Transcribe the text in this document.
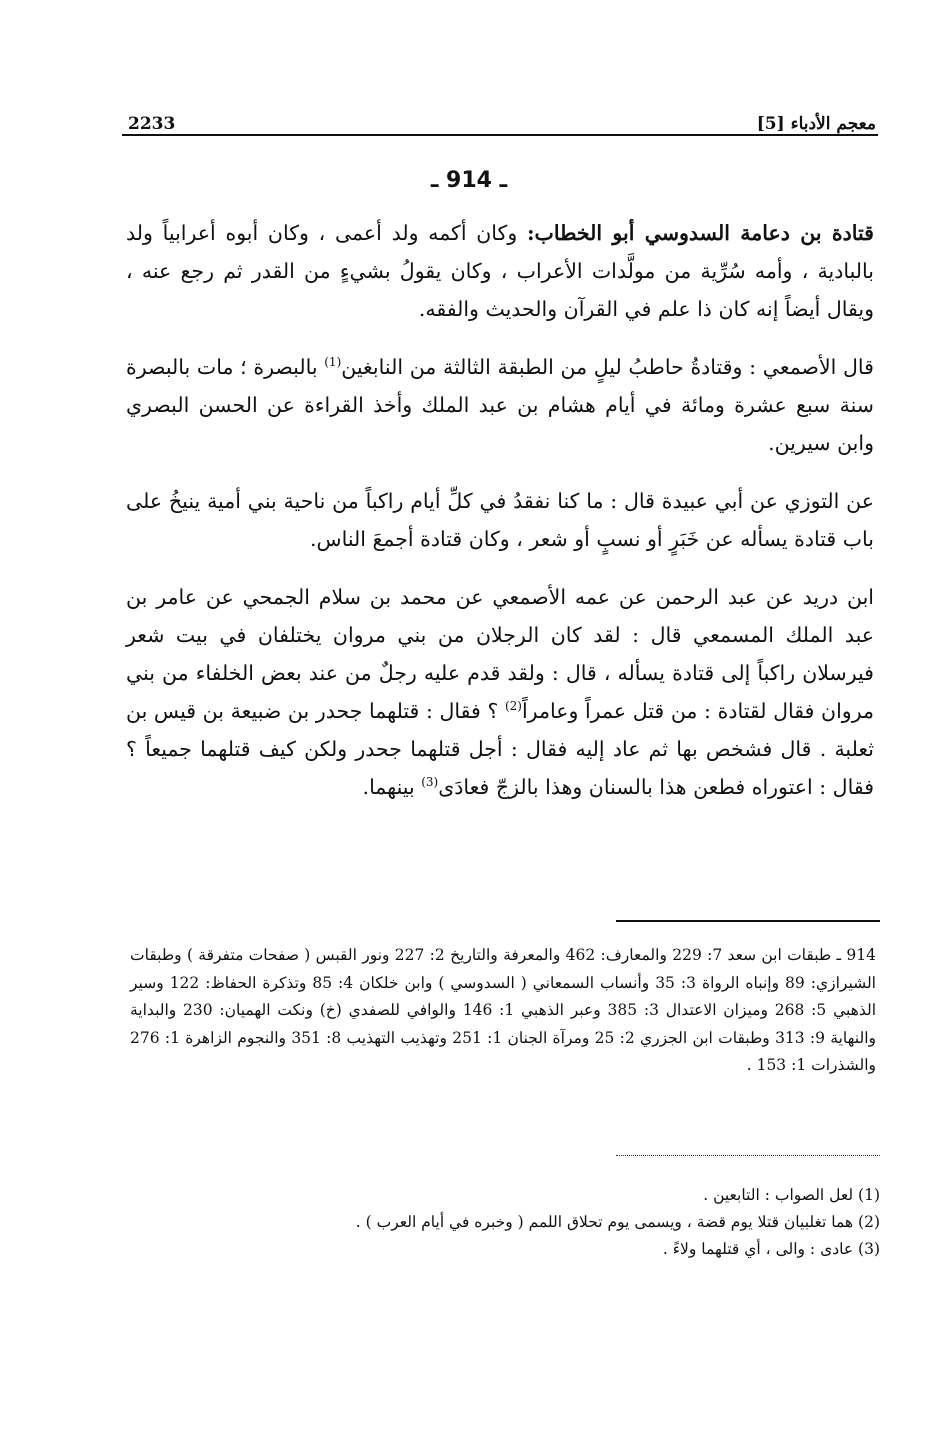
معجم الأدباء [5]
2233
ـ 914 ـ

قتادة بن دعامة السدوسي أبو الخطاب: وكان أكمه ولد أعمى ، وكان أبوه أعرابياً ولد بالبادية ، وأمه سُرِّية من مولَّدات الأعراب ، وكان يقولُ بشيءٍ من القدر ثم رجع عنه ، ويقال أيضاً إنه كان ذا علم في القرآن والحديث والفقه.

قال الأصمعي : وقتادةُ حاطبُ ليلٍ من الطبقة الثالثة من النابغين$^{(1)}$ بالبصرة ؛ مات بالبصرة سنة سبع عشرة ومائة في أيام هشام بن عبد الملك وأخذ القراءة عن الحسن البصري وابن سيرين.

عن التوزي عن أبي عبيدة قال : ما كنا نفقدُ في كلِّ أيام راكباً من ناحية بني أمية ينيخُ على باب قتادة يسأله عن خَبَرٍ أو نسبٍ أو شعر ، وكان قتادة أجمعَ الناس.

ابن دريد عن عبد الرحمن عن عمه الأصمعي عن محمد بن سلام الجمحي عن عامر بن عبد الملك المسمعي قال : لقد كان الرجلان من بني مروان يختلفان في بيت شعر فيرسلان راكباً إلى قتادة يسأله ، قال : ولقد قدم عليه رجلٌ من عند بعض الخلفاء من بني مروان فقال لقتادة : من قتل عمراً وعامراً$^{(2)}$ ؟ فقال : قتلهما جحدر بن ضبيعة بن قيس بن ثعلبة . قال فشخص بها ثم عاد إليه فقال : أجل قتلهما جحدر ولكن كيف قتلهما جميعاً ؟ فقال : اعتوراه فطعن هذا بالسنان وهذا بالزجّ فعادَى$^{(3)}$ بينهما.

914 ـ طبقات ابن سعد 7: 229 والمعارف: 462 والمعرفة والتاريخ 2: 227 ونور القبس ( صفحات متفرقة ) وطبقات الشيرازي: 89 وإنباه الرواة 3: 35 وأنساب السمعاني ( السدوسي ) وابن خلكان 4: 85 وتذكرة الحفاظ: 122 وسير الذهبي 5: 268 وميزان الاعتدال 3: 385 وعبر الذهبي 1: 146 والوافي للصفدي (خ) ونكت الهميان: 230 والبداية والنهاية 9: 313 وطبقات ابن الجزري 2: 25 ومرآة الجنان 1: 251 وتهذيب التهذيب 8: 351 والنجوم الزاهرة 1: 276 والشذرات 1: 153 .

(1) لعل الصواب : التابعين .
(2) هما تغلبيان قتلا يوم قضة ، ويسمى يوم تحلاق اللمم ( وخبره في أيام العرب ) .
(3) عادى : والى ، أي قتلهما ولاءً .
